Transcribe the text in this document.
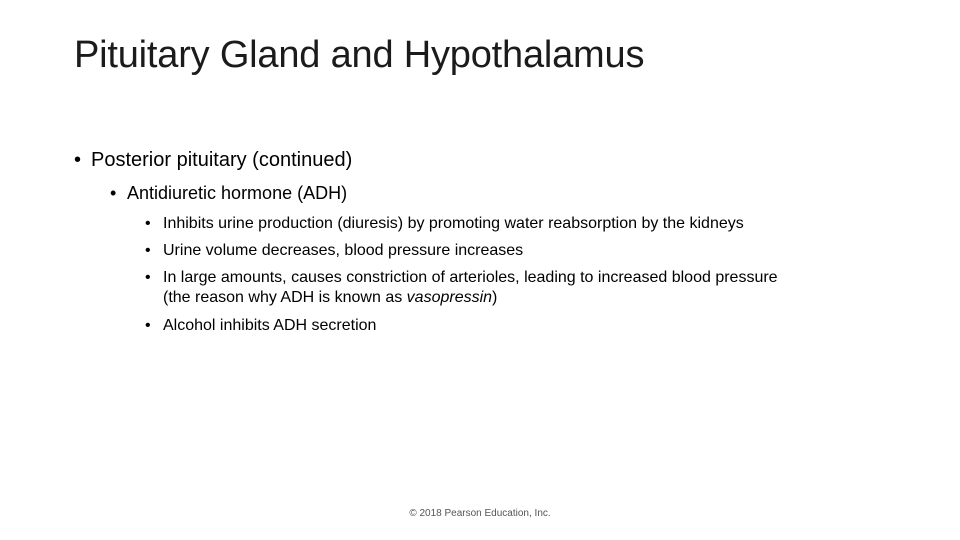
Pituitary Gland and Hypothalamus
• Posterior pituitary (continued)
• Antidiuretic hormone (ADH)
• Inhibits urine production (diuresis) by promoting water reabsorption by the kidneys
• Urine volume decreases, blood pressure increases
• In large amounts, causes constriction of arterioles, leading to increased blood pressure
(the reason why ADH is known as vasopressin)
• Alcohol inhibits ADH secretion
© 2018 Pearson Education, Inc.
